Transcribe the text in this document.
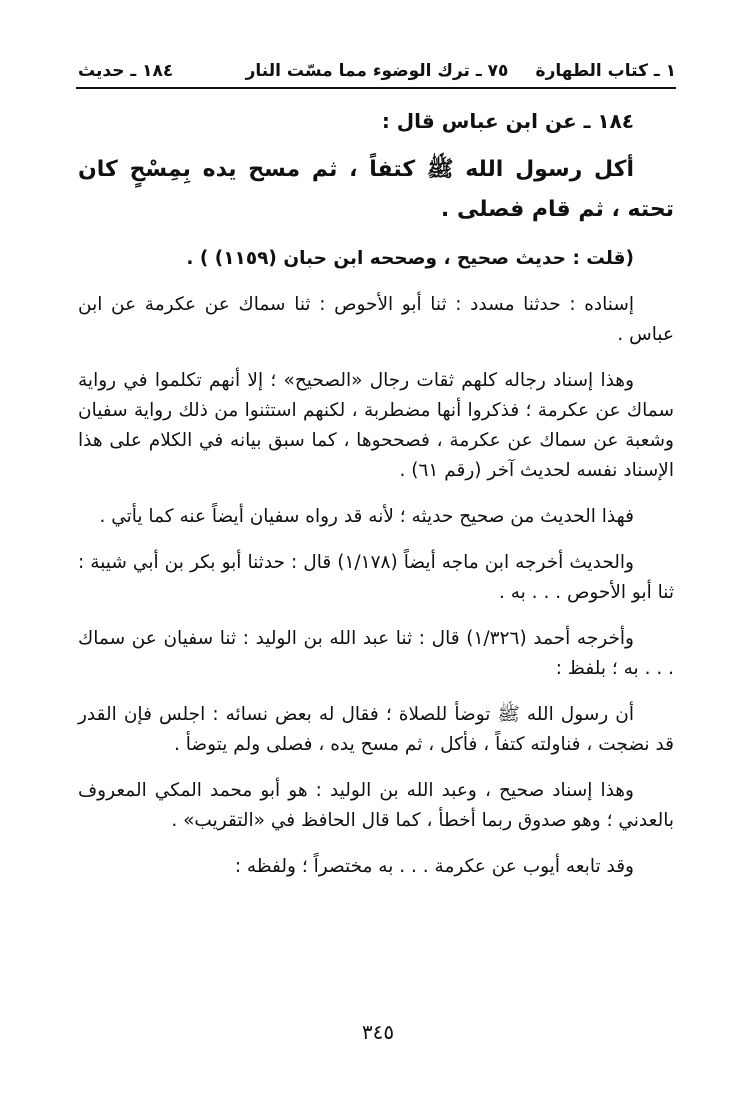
١ ـ كتاب الطهارة
٧٥ ـ ترك الوضوء مما مسّت النار
١٨٤ ـ حديث

١٨٤ ـ عن ابن عباس قال :

أكل رسول الله ﷺ كتفاً ، ثم مسح يده بِمِسْحٍ كان تحته ، ثم قام فصلى .

(قلت : حديث صحيح ، وصححه ابن حبان (١١٥٩) ) .

إسناده : حدثنا مسدد : ثنا أبو الأحوص : ثنا سماك عن عكرمة عن ابن عباس .

وهذا إسناد رجاله كلهم ثقات رجال «الصحيح» ؛ إلا أنهم تكلموا في رواية سماك عن عكرمة ؛ فذكروا أنها مضطربة ، لكنهم استثنوا من ذلك رواية سفيان وشعبة عن سماك عن عكرمة ، فصححوها ، كما سبق بيانه في الكلام على هذا الإسناد نفسه لحديث آخر (رقم ٦١) .

فهذا الحديث من صحيح حديثه ؛ لأنه قد رواه سفيان أيضاً عنه كما يأتي .

والحديث أخرجه ابن ماجه أيضاً (١/١٧٨) قال : حدثنا أبو بكر بن أبي شيبة : ثنا أبو الأحوص . . . به .

وأخرجه أحمد (١/٣٢٦) قال : ثنا عبد الله بن الوليد : ثنا سفيان عن سماك . . . به ؛ بلفظ :

أن رسول الله ﷺ توضأ للصلاة ؛ فقال له بعض نسائه : اجلس فإن القدر قد نضجت ، فناولته كتفاً ، فأكل ، ثم مسح يده ، فصلى ولم يتوضأ .

وهذا إسناد صحيح ، وعبد الله بن الوليد : هو أبو محمد المكي المعروف بالعدني ؛ وهو صدوق ربما أخطأ ، كما قال الحافظ في «التقريب» .

وقد تابعه أيوب عن عكرمة . . . به مختصراً ؛ ولفظه :

٣٤٥
